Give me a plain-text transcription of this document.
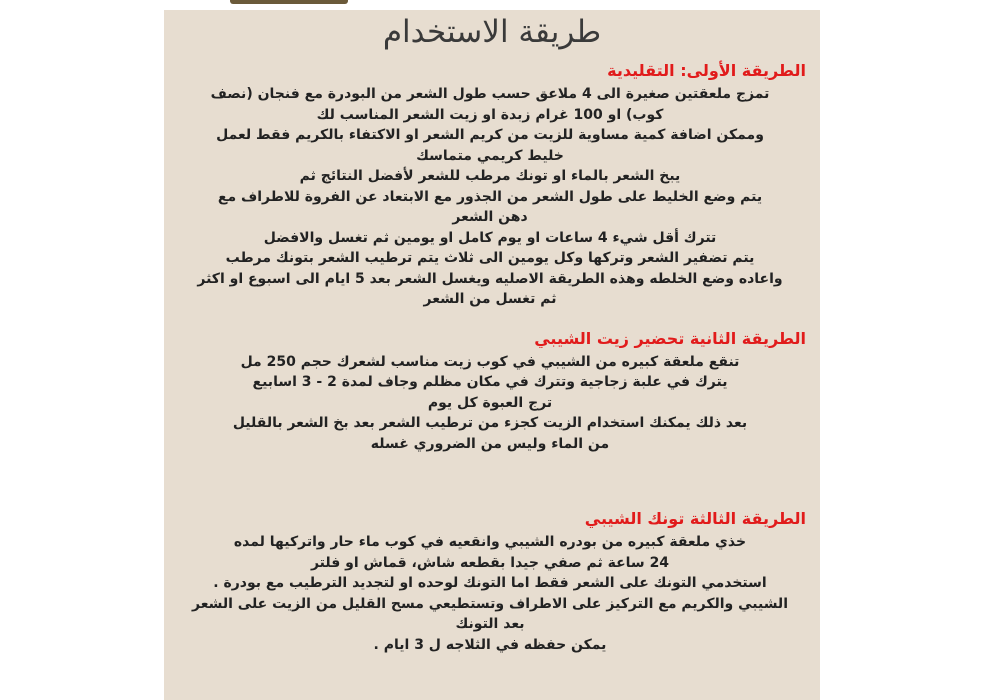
طريقة الاستخدام
الطريقة الأولى: التقليدية
تمزج ملعقتين صغيرة الى 4 ملاعق حسب طول الشعر من البودرة مع فنجان (نصف
كوب) او 100 غرام زبدة او زيت الشعر المناسب لك
وممكن اضافة كمية مساوية للزيت من كريم الشعر او الاكتفاء بالكريم فقط لعمل
خليط كريمي متماسك
يبخ الشعر بالماء او تونك مرطب للشعر لأفضل النتائج ثم
يتم وضع الخليط على طول الشعر من الجذور مع الابتعاد عن الفروة للاطراف مع
دهن الشعر
تترك أقل شيء 4 ساعات او يوم كامل او يومين ثم تغسل والافضل
يتم تضفير الشعر وتركها وكل يومين الى ثلاث يتم ترطيب الشعر بتونك مرطب
واعاده وضع الخلطه وهذه الطريقة الاصليه ويغسل الشعر بعد 5 ايام الى اسبوع او اكثر
ثم تغسل من الشعر
الطريقة الثانية تحضير زيت الشيبي
تنقع ملعقة كبيره من الشيبي في كوب زيت مناسب لشعرك حجم 250 مل
يترك في علبة زجاجية وتترك في مكان مظلم وجاف لمدة 2 - 3 اسابيع
ترج العبوة كل يوم
بعد ذلك يمكنك استخدام الزيت كجزء من ترطيب الشعر بعد بخ الشعر بالقليل
من الماء وليس من الضروري غسله
الطريقة الثالثة تونك الشيبي
خذي ملعقة كبيره من بودره الشيبي وانقعيه في كوب ماء حار واتركيها لمده
24 ساعة ثم صفي جيدا بقطعه شاش، قماش او فلتر
استخدمي التونك على الشعر فقط اما التونك لوحده او لتجديد الترطيب مع بودرة .
الشيبي والكريم مع التركيز على الاطراف وتستطيعي مسح القليل من الزيت على الشعر
بعد التونك
يمكن حفظه في الثلاجه ل 3 ايام .
